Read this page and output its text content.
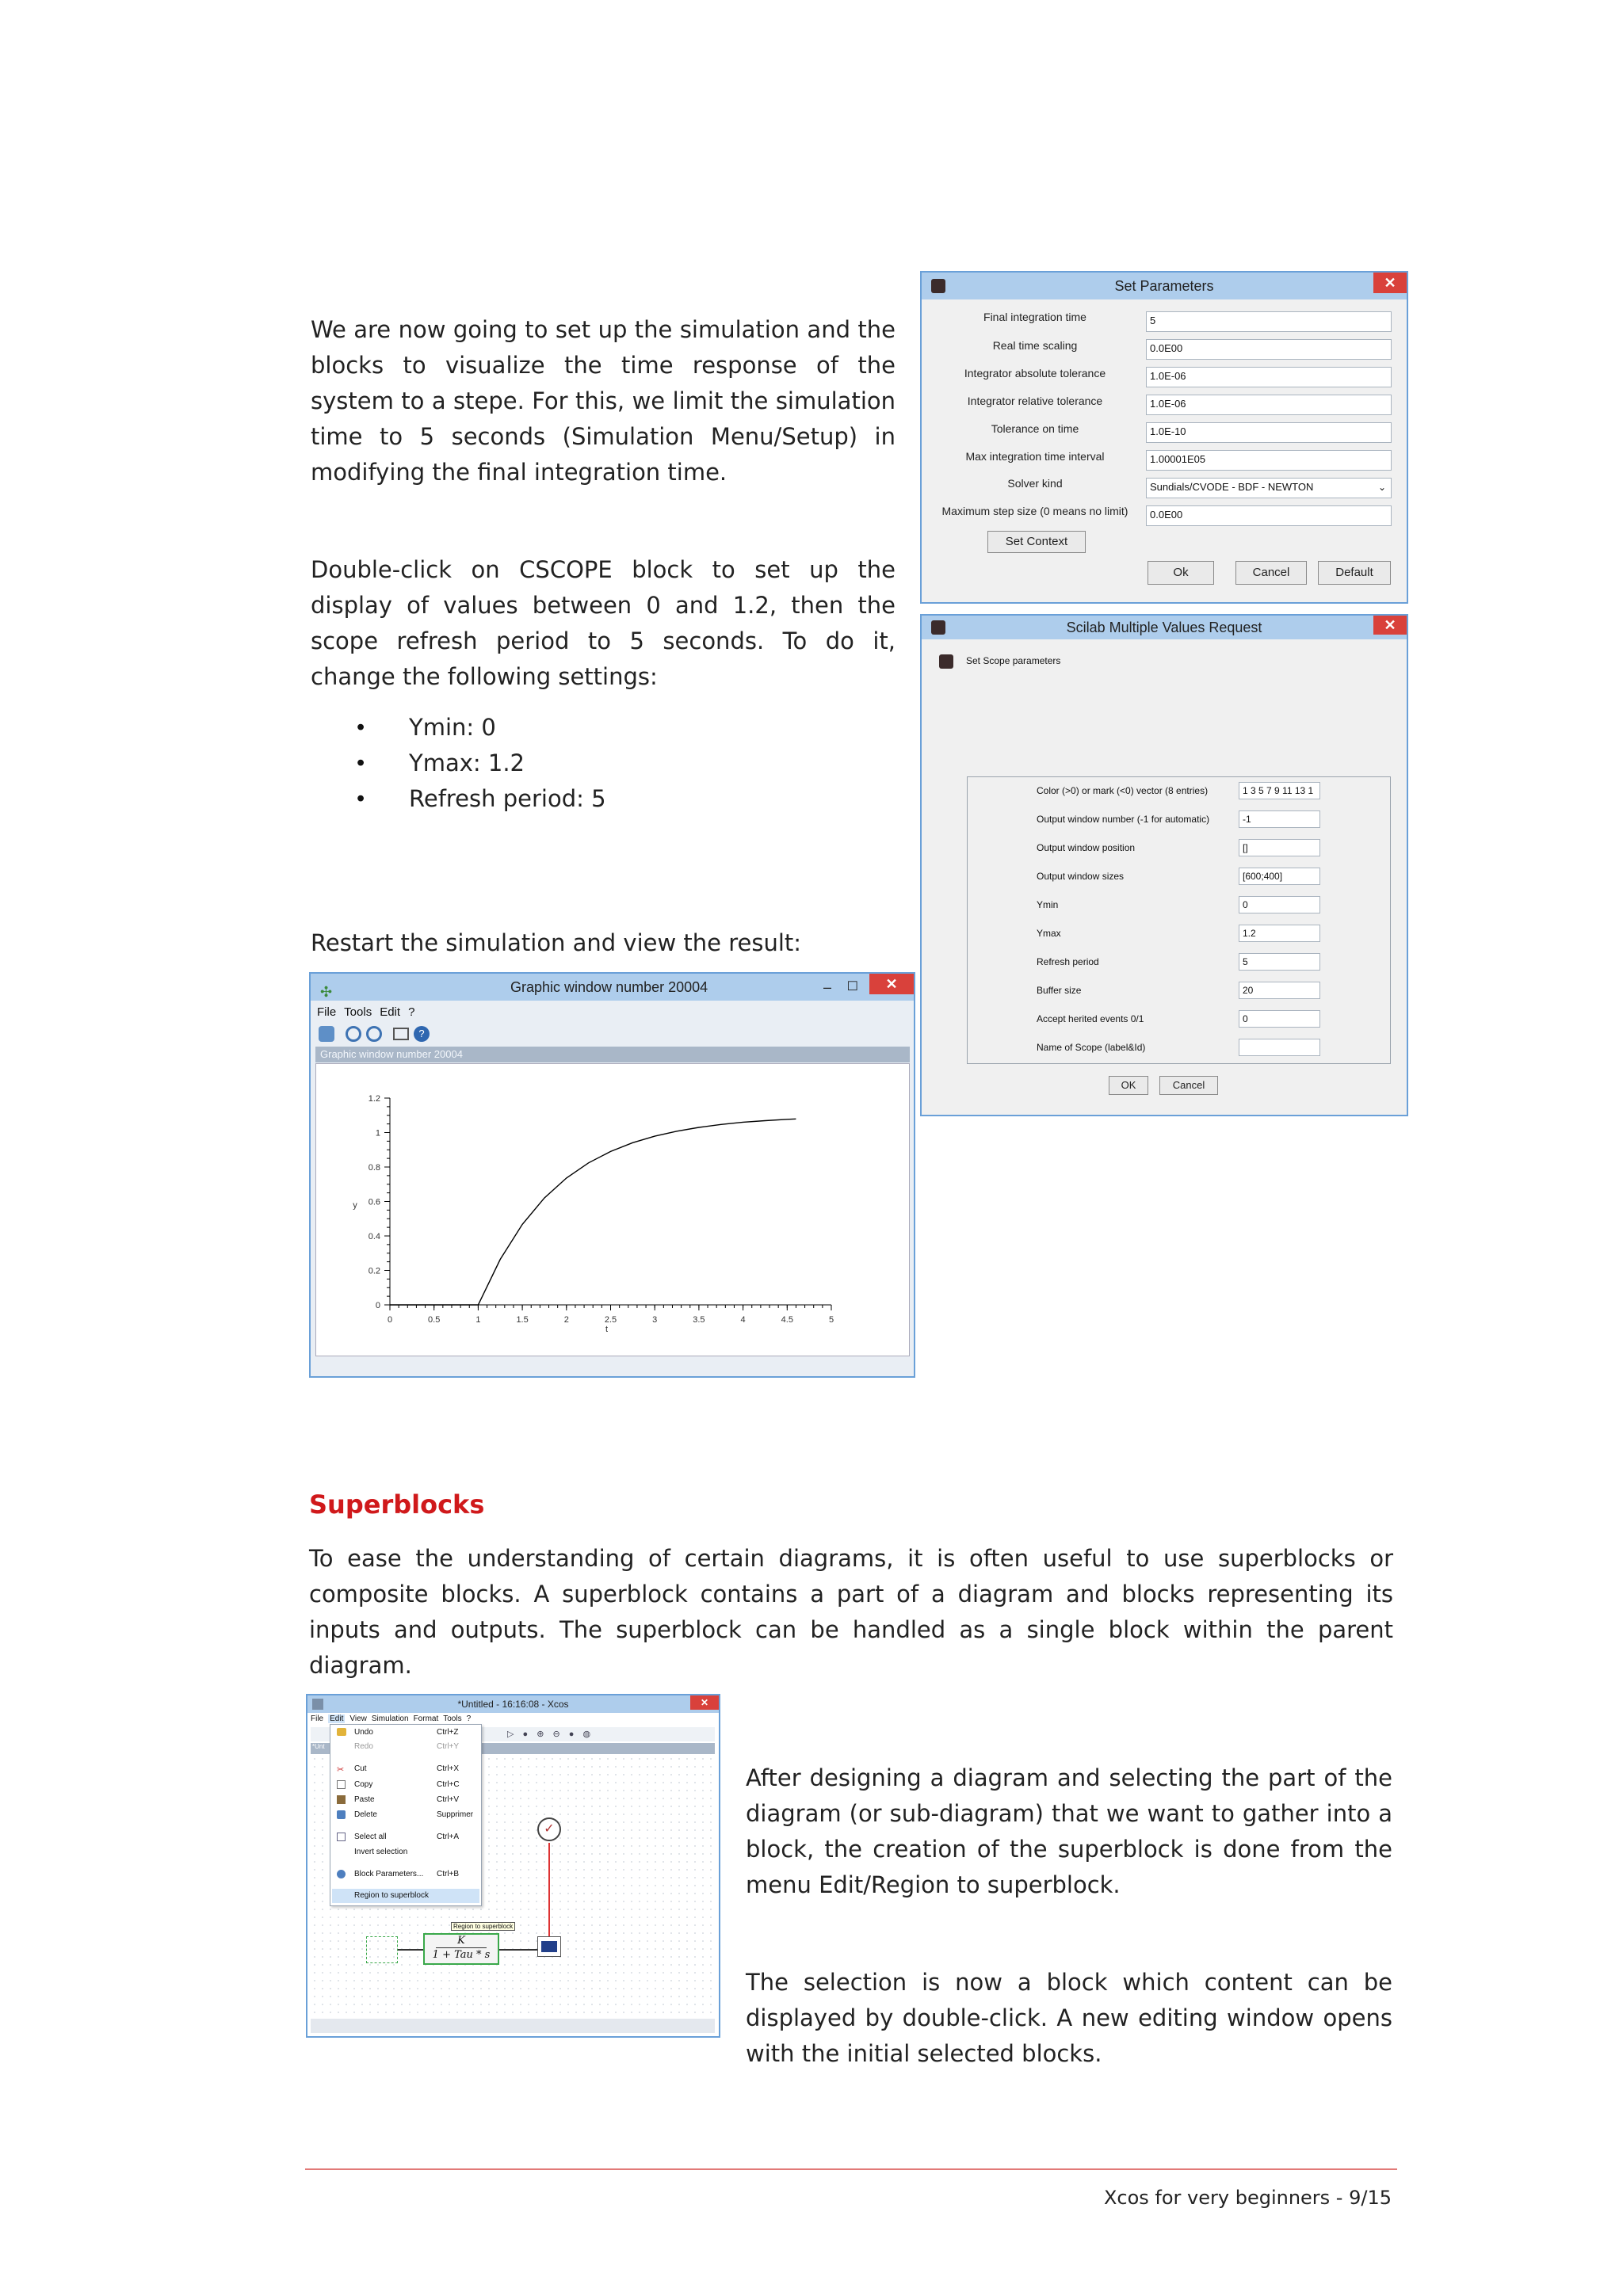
We are now going to set up the simulation and the blocks to visualize the time response of the system to a stepe. For this, we limit the simulation time to 5 seconds (Simulation Menu/Setup) in modifying the final integration time.
Double-click on CSCOPE block to set up the display of values between 0 and 1.2, then the scope refresh period to 5 seconds. To do it, change the following settings:
• Ymin: 0
• Ymax: 1.2
• Refresh period: 5
Restart the simulation and view the result:
Superblocks
To ease the understanding of certain diagrams, it is often useful to use superblocks or composite blocks. A superblock contains a part of a diagram and blocks representing its inputs and outputs. The superblock can be handled as a single block within the parent diagram.
After designing a diagram and selecting the part of the diagram (or sub-diagram) that we want to gather into a block, the creation of the superblock is done from the menu Edit/Region to superblock.
The selection is now a block which content can be displayed by double-click. A new editing window opens with the initial selected blocks.
Xcos for very beginners - 9/15
Set Parameters	✕
Final integration time	5
Real time scaling	0.0E00
Integrator absolute tolerance	1.0E-06
Integrator relative tolerance	1.0E-06
Tolerance on time	1.0E-10
Max integration time interval	1.00001E05
Solver kind	Sundials/CVODE - BDF - NEWTON	⌄
Maximum step size (0 means no limit)	0.0E00
Set Context
Ok	Cancel	Default
Scilab Multiple Values Request	✕
Set Scope parameters
Color (>0) or mark (<0) vector (8 entries)	1 3 5 7 9 11 13 1
Output window number (-1 for automatic)	-1
Output window position	[]
Output window sizes	[600;400]
Ymin	0
Ymax	1.2
Refresh period	5
Buffer size	20
Accept herited events 0/1	0
Name of Scope (label&Id)
OK	Cancel
✣	Graphic window number 20004	– ☐	✕
File Tools Edit ?
?
Graphic window number 20004
0	0.5	1	1.5	2	2.5	3	3.5	4	4.5	5
0
0.2
0.4
0.6
0.8
1
1.2
t
y
*Untitled - 16:16:08 - Xcos	✕
File Edit View Simulation Format Tools ?
▷ ● ⊕ ⊖ ● ◍
*Unt
✓
K
1 + Tau * s
Region to superblock
Undo	Ctrl+Z
Redo	Ctrl+Y
Cut	Ctrl+X
Copy	Ctrl+C
Paste	Ctrl+V
Delete	Supprimer
Select all	Ctrl+A
Invert selection
Block Parameters... Ctrl+B
Region to superblock
✂
